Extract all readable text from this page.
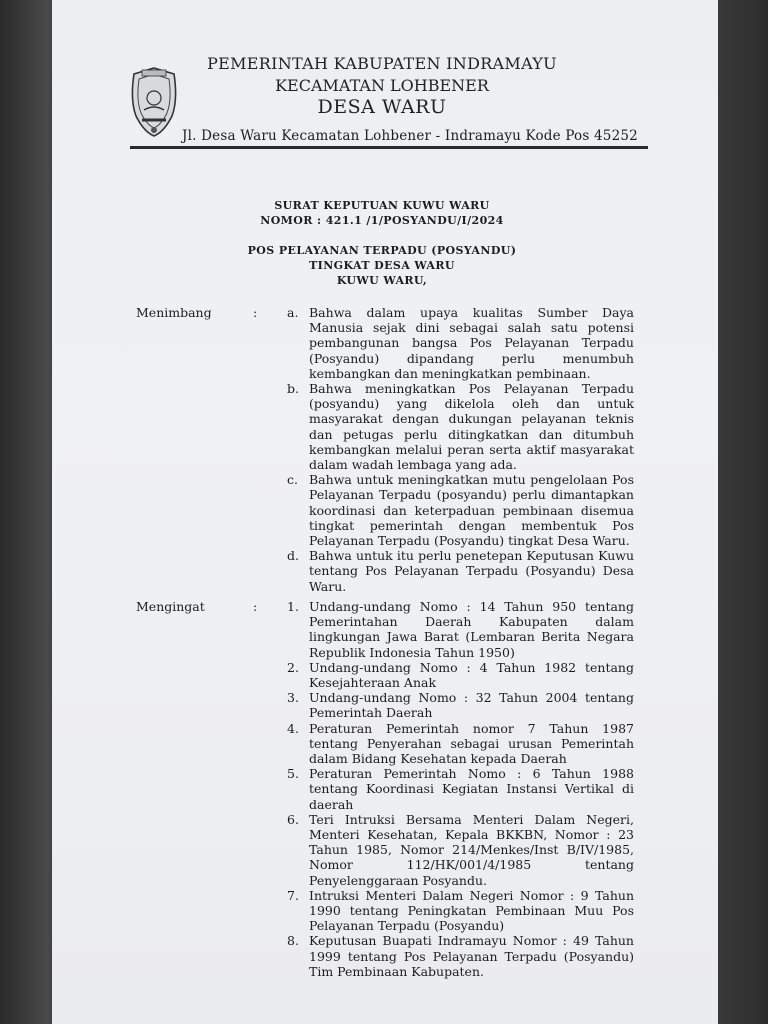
PEMERINTAH KABUPATEN INDRAMAYU
KECAMATAN LOHBENER
DESA WARU
Jl. Desa Waru Kecamatan Lohbener - Indramayu Kode Pos 45252
SURAT KEPUTUAN KUWU WARU
NOMOR : 421.1 /1/POSYANDU/I/2024
POS PELAYANAN TERPADU (POSYANDU)
TINGKAT DESA WARU
KUWU WARU,
Menimbang	: a. Bahwa dalam upaya kualitas Sumber Daya Manusia sejak dini sebagai salah satu potensi pembangunan bangsa Pos Pelayanan Terpadu (Posyandu) dipandang perlu menumbuh kembangkan dan meningkatkan pembinaan.
b. Bahwa meningkatkan Pos Pelayanan Terpadu (posyandu) yang dikelola oleh dan untuk masyarakat dengan dukungan pelayanan teknis dan petugas perlu ditingkatkan dan ditumbuh kembangkan melalui peran serta aktif masyarakat dalam wadah lembaga yang ada.
c. Bahwa untuk meningkatkan mutu pengelolaan Pos Pelayanan Terpadu (posyandu) perlu dimantapkan koordinasi dan keterpaduan pembinaan disemua tingkat pemerintah dengan membentuk Pos Pelayanan Terpadu (Posyandu) tingkat Desa Waru.
d. Bahwa untuk itu perlu penetepan Keputusan Kuwu tentang Pos Pelayanan Terpadu (Posyandu) Desa Waru.
Mengingat	: 1. Undang-undang Nomo : 14 Tahun 950 tentang Pemerintahan Daerah Kabupaten dalam lingkungan Jawa Barat (Lembaran Berita Negara Republik Indonesia Tahun 1950)
2. Undang-undang Nomo : 4 Tahun 1982 tentang Kesejahteraan Anak
3. Undang-undang Nomo : 32 Tahun 2004 tentang Pemerintah Daerah
4. Peraturan Pemerintah nomor 7 Tahun 1987 tentang Penyerahan sebagai urusan Pemerintah dalam Bidang Kesehatan kepada Daerah
5. Peraturan Pemerintah Nomo : 6 Tahun 1988 tentang Koordinasi Kegiatan Instansi Vertikal di daerah
6. Teri Intruksi Bersama Menteri Dalam Negeri, Menteri Kesehatan, Kepala BKKBN, Nomor : 23 Tahun 1985, Nomor 214/Menkes/Inst B/IV/1985, Nomor 112/HK/001/4/1985 tentang Penyelenggaraan Posyandu.
7. Intruksi Menteri Dalam Negeri Nomor : 9 Tahun 1990 tentang Peningkatan Pembinaan Muu Pos Pelayanan Terpadu (Posyandu)
8. Keputusan Buapati Indramayu Nomor : 49 Tahun 1999 tentang Pos Pelayanan Terpadu (Posyandu) Tim Pembinaan Kabupaten.
